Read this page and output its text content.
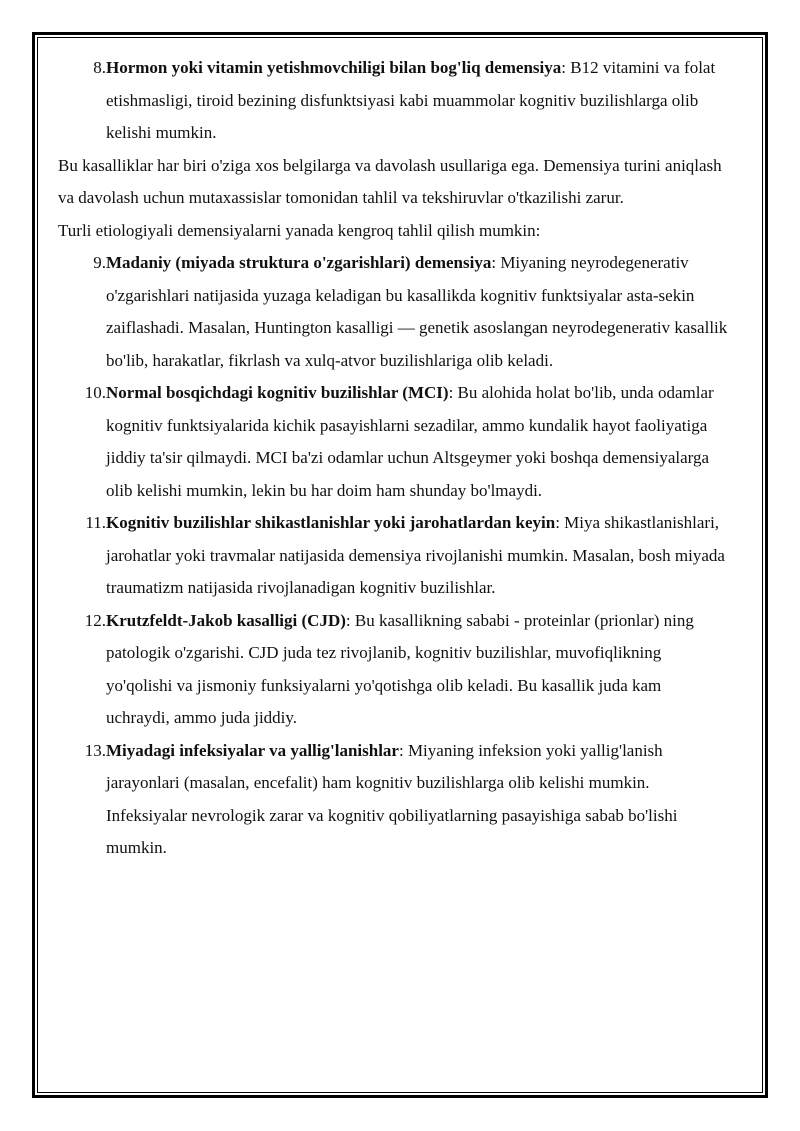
8. Hormon yoki vitamin yetishmovchiligi bilan bog'liq demensiya: B12 vitamini va folat etishmasligi, tiroid bezining disfunktsiyasi kabi muammolar kognitiv buzilishlarga olib kelishi mumkin.

Bu kasalliklar har biri o'ziga xos belgilarga va davolash usullariga ega. Demensiya turini aniqlash va davolash uchun mutaxassislar tomonidan tahlil va tekshiruvlar o'tkazilishi zarur.

Turli etiologiyali demensiyalarni yanada kengroq tahlil qilish mumkin:

9. Madaniy (miyada struktura o'zgarishlari) demensiya: Miyaning neyrodegenerativ o'zgarishlari natijasida yuzaga keladigan bu kasallikda kognitiv funktsiyalar asta-sekin zaiflashadi. Masalan, Huntington kasalligi — genetik asoslangan neyrodegenerativ kasallik bo'lib, harakatlar, fikrlash va xulq-atvor buzilishlariga olib keladi.
10. Normal bosqichdagi kognitiv buzilishlar (MCI): Bu alohida holat bo'lib, unda odamlar kognitiv funktsiyalarida kichik pasayishlarni sezadilar, ammo kundalik hayot faoliyatiga jiddiy ta'sir qilmaydi. MCI ba'zi odamlar uchun Altsgeymer yoki boshqa demensiyalarga olib kelishi mumkin, lekin bu har doim ham shunday bo'lmaydi.
11. Kognitiv buzilishlar shikastlanishlar yoki jarohatlardan keyin: Miya shikastlanishlari, jarohatlar yoki travmalar natijasida demensiya rivojlanishi mumkin. Masalan, bosh miyada traumatizm natijasida rivojlanadigan kognitiv buzilishlar.
12. Krutzfeldt-Jakob kasalligi (CJD): Bu kasallikning sababi - proteinlar (prionlar) ning patologik o'zgarishi. CJD juda tez rivojlanib, kognitiv buzilishlar, muvofiqlikning yo'qolishi va jismoniy funksiyalarni yo'qotishga olib keladi. Bu kasallik juda kam uchraydi, ammo juda jiddiy.
13. Miyadagi infeksiyalar va yallig'lanishlar: Miyaning infeksion yoki yallig'lanish jarayonlari (masalan, encefalit) ham kognitiv buzilishlarga olib kelishi mumkin. Infeksiyalar nevrologik zarar va kognitiv qobiliyatlarning pasayishiga sabab bo'lishi mumkin.
